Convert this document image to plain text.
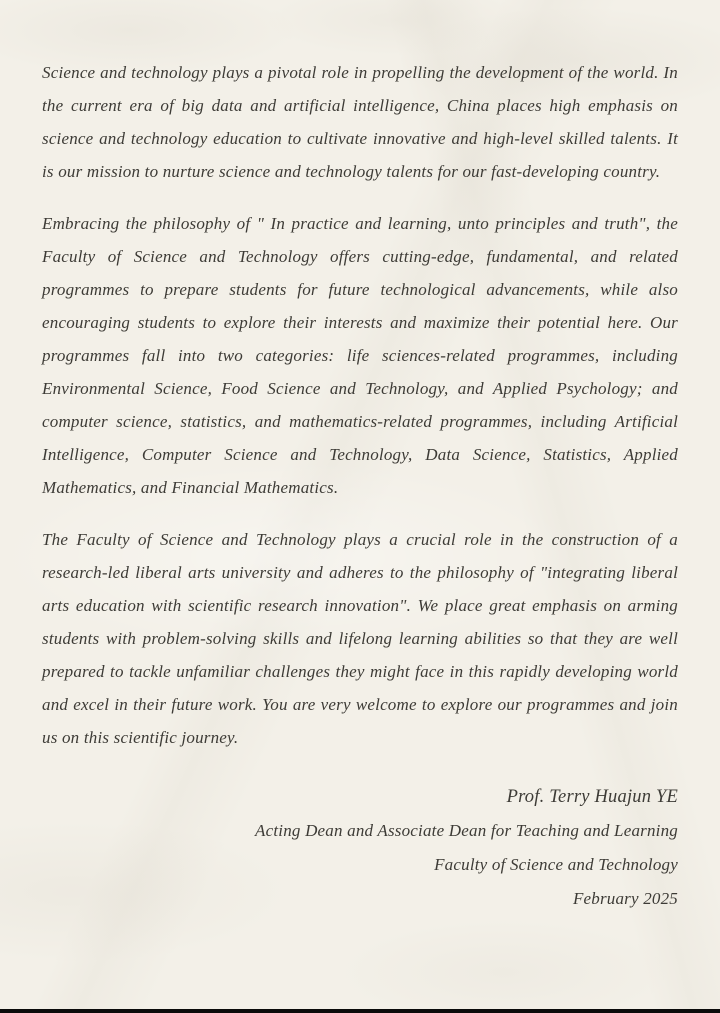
Science and technology plays a pivotal role in propelling the development of the world. In the current era of big data and artificial intelligence, China places high emphasis on science and technology education to cultivate innovative and high-level skilled talents. It is our mission to nurture science and technology talents for our fast-developing country.

Embracing the philosophy of " In practice and learning, unto principles and truth", the Faculty of Science and Technology offers cutting-edge, fundamental, and related programmes to prepare students for future technological advancements, while also encouraging students to explore their interests and maximize their potential here. Our programmes fall into two categories: life sciences-related programmes, including Environmental Science, Food Science and Technology, and Applied Psychology; and computer science, statistics, and mathematics-related programmes, including Artificial Intelligence, Computer Science and Technology, Data Science, Statistics, Applied Mathematics, and Financial Mathematics.

The Faculty of Science and Technology plays a crucial role in the construction of a research-led liberal arts university and adheres to the philosophy of "integrating liberal arts education with scientific research innovation". We place great emphasis on arming students with problem-solving skills and lifelong learning abilities so that they are well prepared to tackle unfamiliar challenges they might face in this rapidly developing world and excel in their future work. You are very welcome to explore our programmes and join us on this scientific journey.

Prof. Terry Huajun YE
Acting Dean and Associate Dean for Teaching and Learning
Faculty of Science and Technology
February 2025
